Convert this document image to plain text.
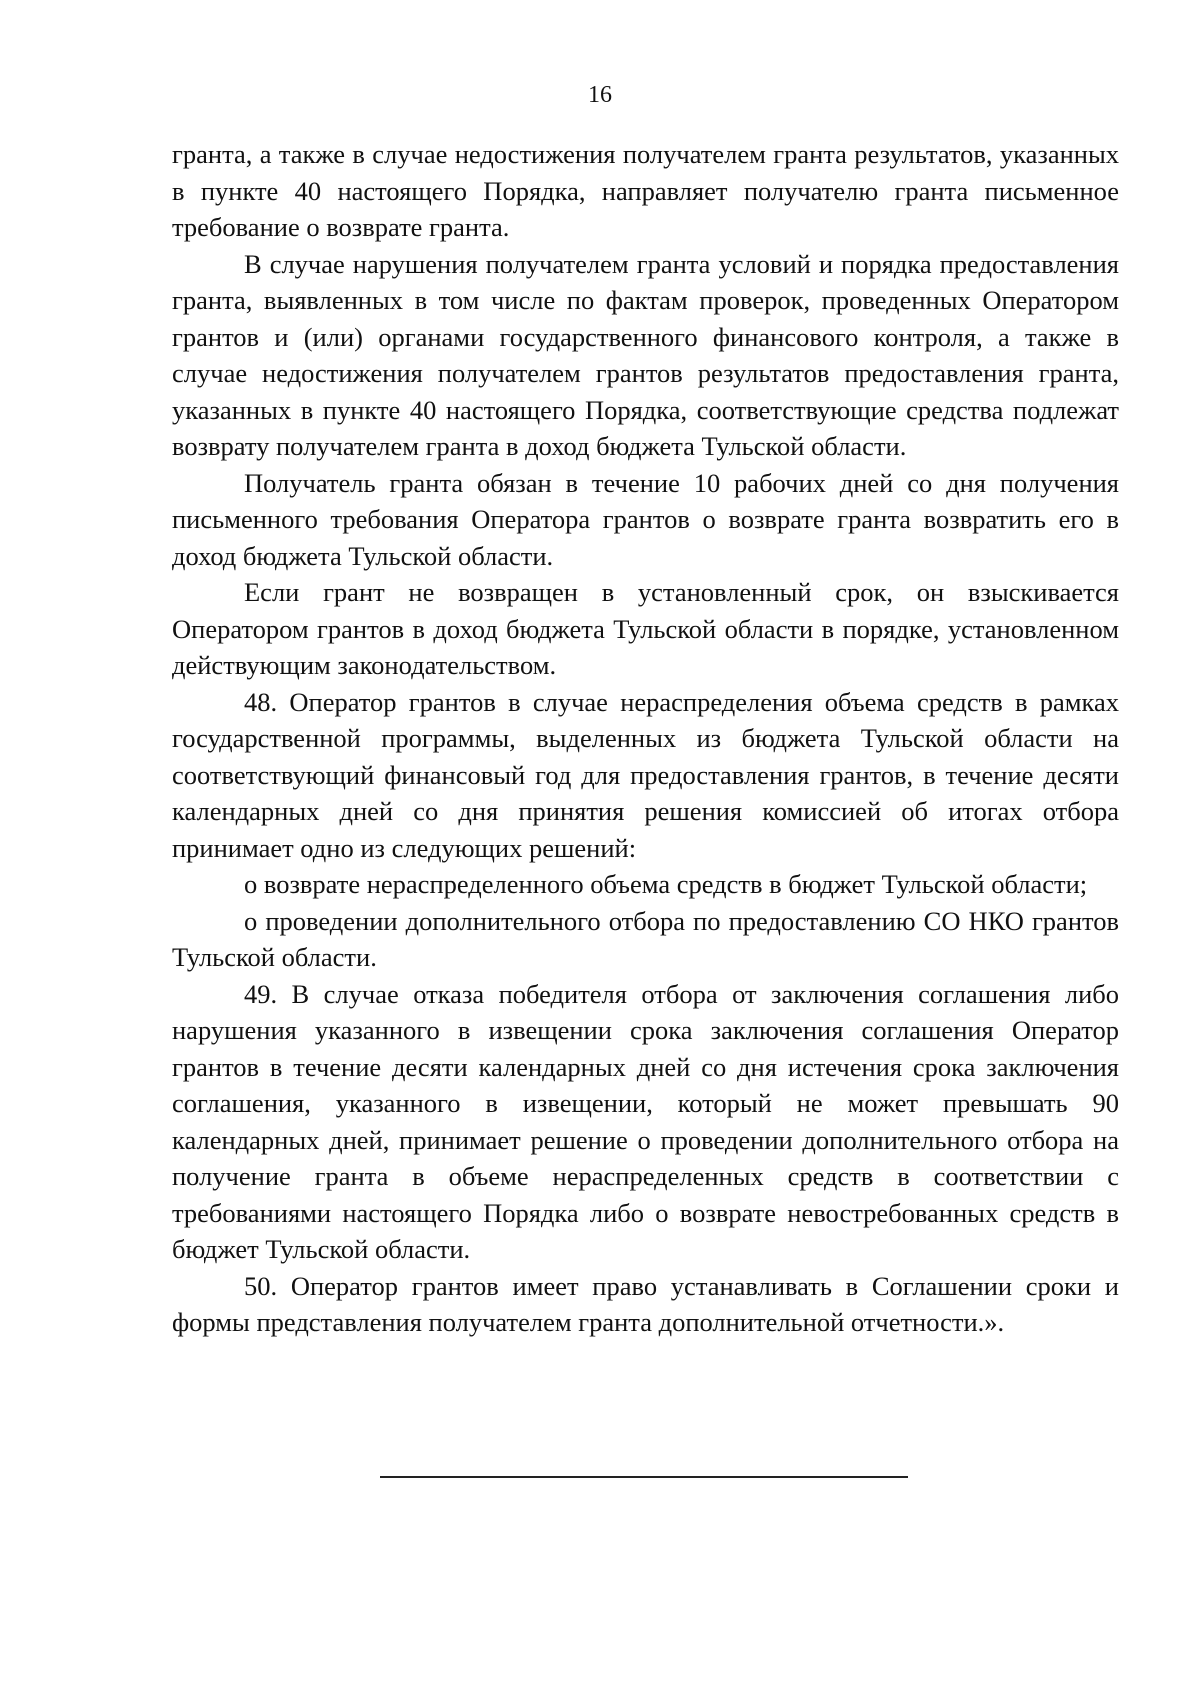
16

гранта, а также в случае недостижения получателем гранта результатов, указанных в пункте 40 настоящего Порядка, направляет получателю гранта письменное требование о возврате гранта.

В случае нарушения получателем гранта условий и порядка предоставления гранта, выявленных в том числе по фактам проверок, проведенных Оператором грантов и (или) органами государственного финансового контроля, а также в случае недостижения получателем грантов результатов предоставления гранта, указанных в пункте 40 настоящего Порядка, соответствующие средства подлежат возврату получателем гранта в доход бюджета Тульской области.

Получатель гранта обязан в течение 10 рабочих дней со дня получения письменного требования Оператора грантов о возврате гранта возвратить его в доход бюджета Тульской области.

Если грант не возвращен в установленный срок, он взыскивается Оператором грантов в доход бюджета Тульской области в порядке, установленном действующим законодательством.

48. Оператор грантов в случае нераспределения объема средств в рамках государственной программы, выделенных из бюджета Тульской области на соответствующий финансовый год для предоставления грантов, в течение десяти календарных дней со дня принятия решения комиссией об итогах отбора принимает одно из следующих решений:

о возврате нераспределенного объема средств в бюджет Тульской области;

о проведении дополнительного отбора по предоставлению СО НКО грантов Тульской области.

49. В случае отказа победителя отбора от заключения соглашения либо нарушения указанного в извещении срока заключения соглашения Оператор грантов в течение десяти календарных дней со дня истечения срока заключения соглашения, указанного в извещении, который не может превышать 90 календарных дней, принимает решение о проведении дополнительного отбора на получение гранта в объеме нераспределенных средств в соответствии с требованиями настоящего Порядка либо о возврате невостребованных средств в бюджет Тульской области.

50. Оператор грантов имеет право устанавливать в Соглашении сроки и формы представления получателем гранта дополнительной отчетности.».
